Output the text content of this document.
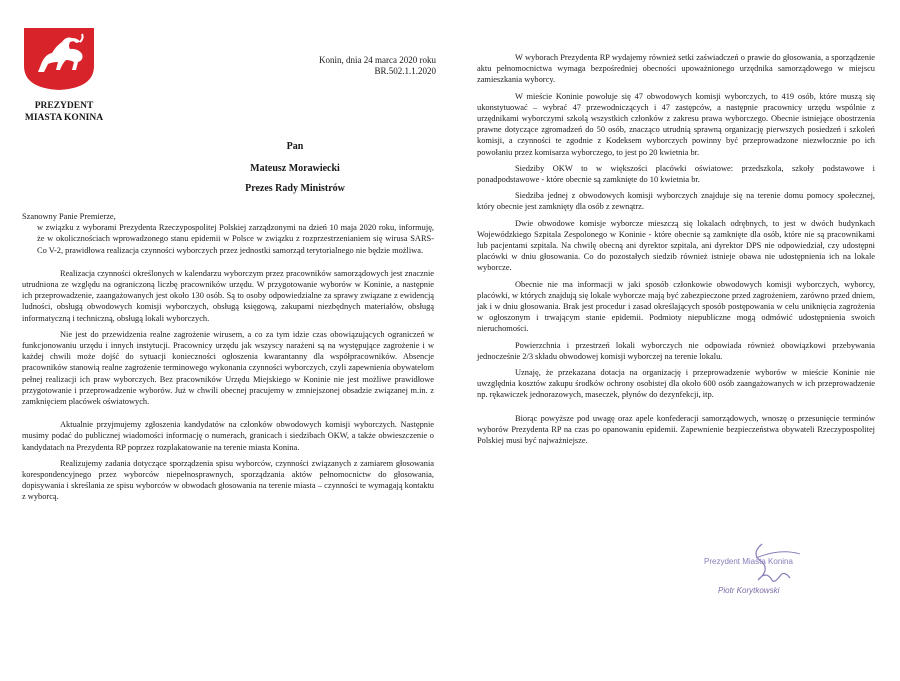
PREZYDENT
MIASTA KONINA
Konin, dnia 24 marca 2020 roku
BR.502.1.1.2020
Pan
Mateusz Morawiecki
Prezes Rady Ministrów

Szanowny Panie Premierze,

w związku z wyborami Prezydenta Rzeczypospolitej Polskiej zarządzonymi na dzień 10 maja 2020 roku, informuję, że w okolicznościach wprowadzonego stanu epidemii w Polsce w związku z rozprzestrzenianiem się wirusa SARS-Co V-2, prawidłowa realizacja czynności wyborczych przez jednostki samorząd terytorialnego nie będzie możliwa.

Realizacja czynności określonych w kalendarzu wyborczym przez pracowników samorządowych jest znacznie utrudniona ze względu na ograniczoną liczbę pracowników urzędu. W przygotowanie wyborów w Koninie, a następnie ich przeprowadzenie, zaangażowanych jest około 130 osób. Są to osoby odpowiedzialne za sprawy związane z ewidencją ludności, obsługą obwodowych komisji wyborczych, obsługą księgową, zakupami niezbędnych materiałów, obsługą informatyczną i techniczną, obsługą lokali wyborczych.

Nie jest do przewidzenia realne zagrożenie wirusem, a co za tym idzie czas obowiązujących ograniczeń w funkcjonowaniu urzędu i innych instytucji. Pracownicy urzędu jak wszyscy narażeni są na występujące zagrożenie i w każdej chwili może dojść do sytuacji konieczności ogłoszenia kwarantanny dla współpracowników. Absencje pracowników stanowią realne zagrożenie terminowego wykonania czynności wyborczych, czyli zapewnienia obywatelom pełnej realizacji ich praw wyborczych. Bez pracowników Urzędu Miejskiego w Koninie nie jest możliwe prawidłowe przygotowanie i przeprowadzenie wyborów. Już w chwili obecnej pracujemy w zmniejszonej obsadzie związanej m.in. z zamknięciem placówek oświatowych.

Aktualnie przyjmujemy zgłoszenia kandydatów na członków obwodowych komisji wyborczych. Następnie musimy podać do publicznej wiadomości informację o numerach, granicach i siedzibach OKW, a także obwieszczenie o kandydatach na Prezydenta RP poprzez rozplakatowanie na terenie miasta Konina.

Realizujemy zadania dotyczące sporządzenia spisu wyborców, czynności związanych z zamiarem głosowania korespondencyjnego przez wyborców niepełnosprawnych, sporządzania aktów pełnomocnictw do głosowania, dopisywania i skreślania ze spisu wyborców w obwodach głosowania na terenie miasta – czynności te wymagają kontaktu z wyborcą.

W wyborach Prezydenta RP wydajemy również setki zaświadczeń o prawie do głosowania, a sporządzenie aktu pełnomocnictwa wymaga bezpośredniej obecności upoważnionego urzędnika samorządowego w miejscu zamieszkania wyborcy.

W mieście Koninie powołuje się 47 obwodowych komisji wyborczych, to 419 osób, które muszą się ukonstytuować – wybrać 47 przewodniczących i 47 zastępców, a następnie pracownicy urzędu wspólnie z urzędnikami wyborczymi szkolą wszystkich członków z zakresu prawa wyborczego. Obecnie istniejące obostrzenia prawne dotyczące zgromadzeń do 50 osób, znacząco utrudnią sprawną organizację pierwszych posiedzeń i szkoleń komisji, a czynności te zgodnie z Kodeksem wyborczych powinny być przeprowadzone niezwłocznie po ich powołaniu przez komisarza wyborczego, to jest po 20 kwietnia br.

Siedziby OKW to w większości placówki oświatowe: przedszkola, szkoły podstawowe i ponadpodstawowe - które obecnie są zamknięte do 10 kwietnia br.

Siedziba jednej z obwodowych komisji wyborczych znajduje się na terenie domu pomocy społecznej, który obecnie jest zamknięty dla osób z zewnątrz.

Dwie obwodowe komisje wyborcze mieszczą się lokalach odrębnych, to jest w dwóch budynkach Wojewódzkiego Szpitala Zespolonego w Koninie - które obecnie są zamknięte dla osób, które nie są pracownikami lub pacjentami szpitala. Na chwilę obecną ani dyrektor szpitala, ani dyrektor DPS nie odpowiedział, czy udostępni placówki w dniu głosowania. Co do pozostałych siedzib również istnieje obawa nie udostępnienia ich na lokale wyborcze.

Obecnie nie ma informacji w jaki sposób członkowie obwodowych komisji wyborczych, wyborcy, placówki, w których znajdują się lokale wyborcze mają być zabezpieczone przed zagrożeniem, zarówno przed dniem, jak i w dniu głosowania. Brak jest procedur i zasad określających sposób postępowania w celu uniknięcia zagrożenia w ogłoszonym i trwającym stanie epidemii. Podmioty niepubliczne mogą odmówić udostępnienia swoich nieruchomości.

Powierzchnia i przestrzeń lokali wyborczych nie odpowiada również obowiązkowi przebywania jednocześnie 2/3 składu obwodowej komisji wyborczej na terenie lokalu.

Uznaję, że przekazana dotacja na organizację i przeprowadzenie wyborów w mieście Koninie nie uwzględnia kosztów zakupu środków ochrony osobistej dla około 600 osób zaangażowanych w ich przeprowadzenie np. rękawiczek jednorazowych, maseczek, płynów do dezynfekcji, itp.

Biorąc powyższe pod uwagę oraz apele konfederacji samorządowych, wnoszę o przesunięcie terminów wyborów Prezydenta RP na czas po opanowaniu epidemii. Zapewnienie bezpieczeństwa obywateli Rzeczypospolitej Polskiej musi być najważniejsze.

Prezydent Miasta Konina
Piotr Korytkowski
